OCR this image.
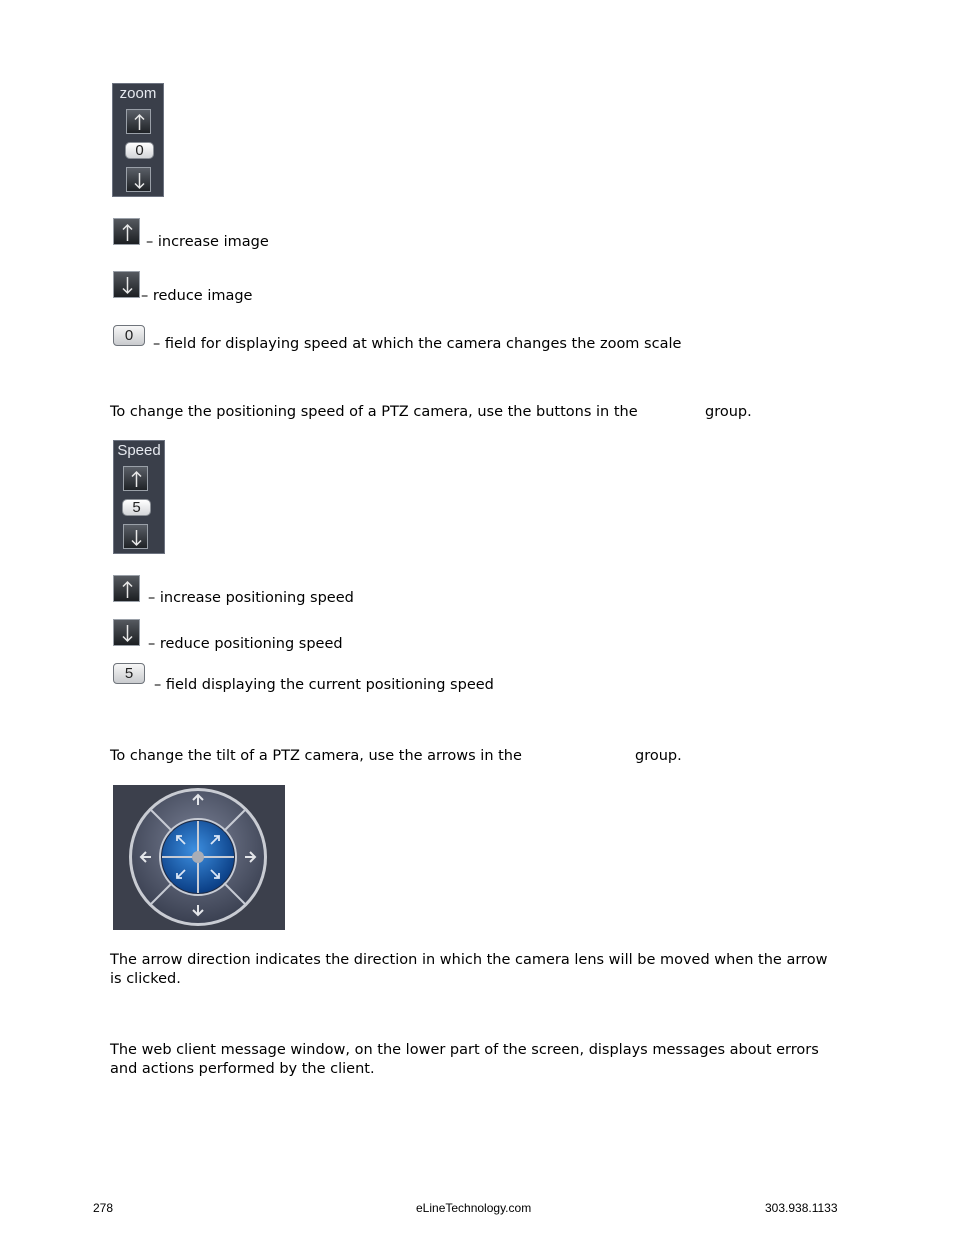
zoom
0
– increase image
– reduce image
0	– field for displaying speed at which the camera changes the zoom scale
To change the positioning speed of a PTZ camera, use the buttons in the	group.
Speed
5
– increase positioning speed
– reduce positioning speed
5
– field displaying the current positioning speed
To change the tilt of a PTZ camera, use the arrows in the	group.
The arrow direction indicates the direction in which the camera lens will be moved when the arrow is clicked.
The web client message window, on the lower part of the screen, displays messages about errors and actions performed by the client.
278	eLineTechnology.com	303.938.1133
